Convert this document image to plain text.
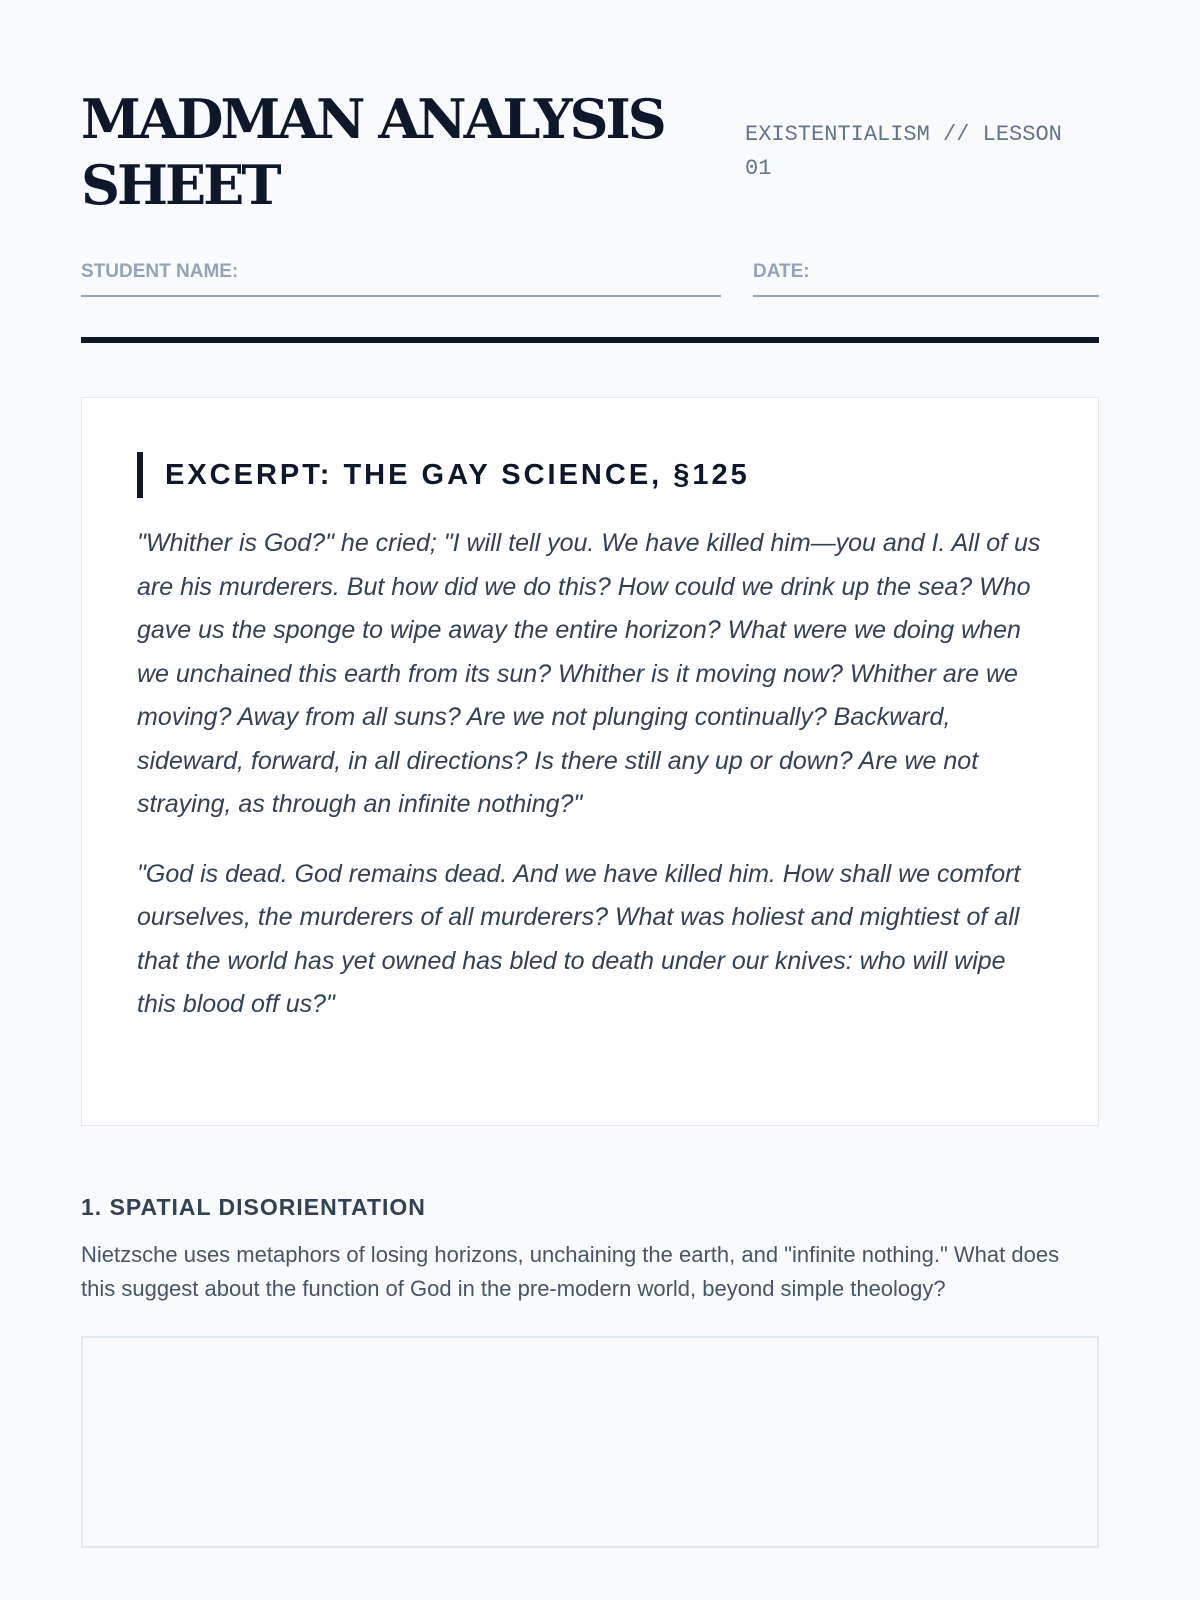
MADMAN ANALYSIS SHEET
EXISTENTIALISM // LESSON 01
STUDENT NAME:	DATE:
EXCERPT: THE GAY SCIENCE, §125

"Whither is God?" he cried; "I will tell you. We have killed him—you and I. All of us are his murderers. But how did we do this? How could we drink up the sea? Who gave us the sponge to wipe away the entire horizon? What were we doing when we unchained this earth from its sun? Whither is it moving now? Whither are we moving? Away from all suns? Are we not plunging continually? Backward, sideward, forward, in all directions? Is there still any up or down? Are we not straying, as through an infinite nothing?"

"God is dead. God remains dead. And we have killed him. How shall we comfort ourselves, the murderers of all murderers? What was holiest and mightiest of all that the world has yet owned has bled to death under our knives: who will wipe this blood off us?"

1. SPATIAL DISORIENTATION

Nietzsche uses metaphors of losing horizons, unchaining the earth, and "infinite nothing." What does this suggest about the function of God in the pre-modern world, beyond simple theology?
